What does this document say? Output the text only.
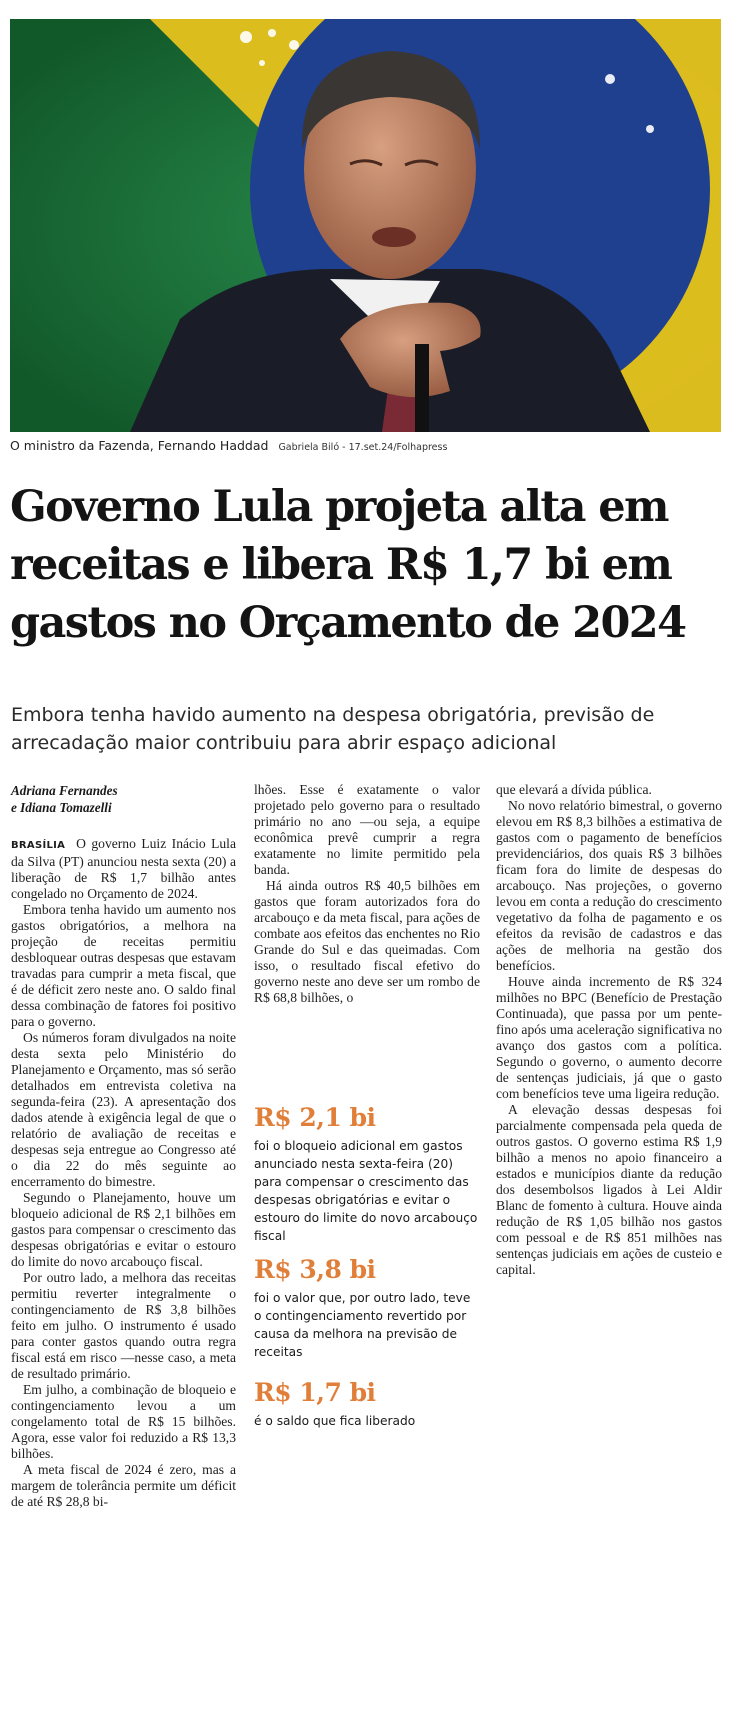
O ministro da Fazenda, Fernando Haddad Gabriela Biló - 17.set.24/Folhapress
Governo Lula projeta alta em receitas e libera R$ 1,7 bi em gastos no Orçamento de 2024

Embora tenha havido aumento na despesa obrigatória, previsão de arrecadação maior contribuiu para abrir espaço adicional

Adriana Fernandes
e Idiana Tomazelli

BRASÍLIA O governo Luiz Inácio Lula da Silva (PT) anunciou nesta sexta (20) a liberação de R$ 1,7 bilhão antes congelado no Orçamento de 2024.

Embora tenha havido um aumento nos gastos obrigatórios, a melhora na projeção de receitas permitiu desbloquear outras despesas que estavam travadas para cumprir a meta fiscal, que é de déficit zero neste ano. O saldo final dessa combinação de fatores foi positivo para o governo.

Os números foram divulgados na noite desta sexta pelo Ministério do Planejamento e Orçamento, mas só serão detalhados em entrevista coletiva na segunda-feira (23). A apresentação dos dados atende à exigência legal de que o relatório de avaliação de receitas e despesas seja entregue ao Congresso até o dia 22 do mês seguinte ao encerramento do bimestre.

Segundo o Planejamento, houve um bloqueio adicional de R$ 2,1 bilhões em gastos para compensar o crescimento das despesas obrigatórias e evitar o estouro do limite do novo arcabouço fiscal.

Por outro lado, a melhora das receitas permitiu reverter integralmente o contingenciamento de R$ 3,8 bilhões feito em julho. O instrumento é usado para conter gastos quando outra regra fiscal está em risco —nesse caso, a meta de resultado primário.

Em julho, a combinação de bloqueio e contingenciamento levou a um congelamento total de R$ 15 bilhões. Agora, esse valor foi reduzido a R$ 13,3 bilhões.

A meta fiscal de 2024 é zero, mas a margem de tolerância permite um déficit de até R$ 28,8 bi-

lhões. Esse é exatamente o valor projetado pelo governo para o resultado primário no ano —ou seja, a equipe econômica prevê cumprir a regra exatamente no limite permitido pela banda.

Há ainda outros R$ 40,5 bilhões em gastos que foram autorizados fora do arcabouço e da meta fiscal, para ações de combate aos efeitos das enchentes no Rio Grande do Sul e das queimadas. Com isso, o resultado fiscal efetivo do governo neste ano deve ser um rombo de R$ 68,8 bilhões, o

R$ 2,1 bi
foi o bloqueio adicional em gastos anunciado nesta sexta-feira (20) para compensar o crescimento das despesas obrigatórias e evitar o estouro do limite do novo arcabouço fiscal
R$ 3,8 bi
foi o valor que, por outro lado, teve o contingenciamento revertido por causa da melhora na previsão de receitas
R$ 1,7 bi
é o saldo que fica liberado

que elevará a dívida pública.

No novo relatório bimestral, o governo elevou em R$ 8,3 bilhões a estimativa de gastos com o pagamento de benefícios previdenciários, dos quais R$ 3 bilhões ficam fora do limite de despesas do arcabouço. Nas projeções, o governo levou em conta a redução do crescimento vegetativo da folha de pagamento e os efeitos da revisão de cadastros e das ações de melhoria na gestão dos benefícios.

Houve ainda incremento de R$ 324 milhões no BPC (Benefício de Prestação Continuada), que passa por um pente-fino após uma aceleração significativa no avanço dos gastos com a política. Segundo o governo, o aumento decorre de sentenças judiciais, já que o gasto com benefícios teve uma ligeira redução.

A elevação dessas despesas foi parcialmente compensada pela queda de outros gastos. O governo estima R$ 1,9 bilhão a menos no apoio financeiro a estados e municípios diante da redução dos desembolsos ligados à Lei Aldir Blanc de fomento à cultura. Houve ainda redução de R$ 1,05 bilhão nos gastos com pessoal e de R$ 851 milhões nas sentenças judiciais em ações de custeio e capital.
